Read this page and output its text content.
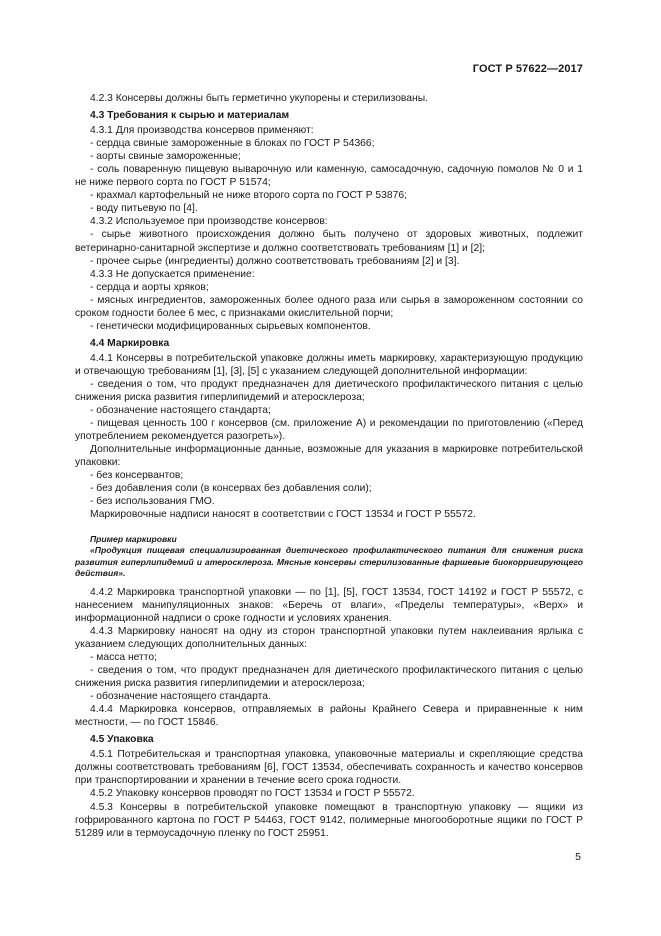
ГОСТ Р 57622—2017

4.2.3 Консервы должны быть герметично укупорены и стерилизованы.

4.3 Требования к сырью и материалам

4.3.1 Для производства консервов применяют:

- сердца свиные замороженные в блоках по ГОСТ Р 54366;

- аорты свиные замороженные;

- соль поваренную пищевую выварочную или каменную, самосадочную, садочную помолов № 0 и 1 не ниже первого сорта по ГОСТ Р 51574;

- крахмал картофельный не ниже второго сорта по ГОСТ Р 53876;

- воду питьевую по [4].

4.3.2 Используемое при производстве консервов:

- сырье животного происхождения должно быть получено от здоровых животных, подлежит ветеринарно-санитарной экспертизе и должно соответствовать требованиям [1] и [2];

- прочее сырье (ингредиенты) должно соответствовать требованиям [2] и [3].

4.3.3 Не допускается применение:

- сердца и аорты хряков;

- мясных ингредиентов, замороженных более одного раза или сырья в замороженном состоянии со сроком годности более 6 мес, с признаками окислительной порчи;

- генетически модифицированных сырьевых компонентов.

4.4 Маркировка

4.4.1 Консервы в потребительской упаковке должны иметь маркировку, характеризующую продукцию и отвечающую требованиям [1], [3], [5] с указанием следующей дополнительной информации:

- сведения о том, что продукт предназначен для диетического профилактического питания с целью снижения риска развития гиперлипидемий и атеросклероза;

- обозначение настоящего стандарта;

- пищевая ценность 100 г консервов (см. приложение А) и рекомендации по приготовлению («Перед употреблением рекомендуется разогреть»).

Дополнительные информационные данные, возможные для указания в маркировке потребительской упаковки:

- без консервантов;

- без добавления соли (в консервах без добавления соли);

- без использования ГМО.

Маркировочные надписи наносят в соответствии с ГОСТ 13534 и ГОСТ Р 55572.

Пример маркировки

«Продукция пищевая специализированная диетического профилактического питания для снижения риска развития гиперлипидемий и атеросклероза. Мясные консервы стерилизованные фаршевые биокорригирующего действия».

4.4.2 Маркировка транспортной упаковки — по [1], [5], ГОСТ 13534, ГОСТ 14192 и ГОСТ Р 55572, с нанесением манипуляционных знаков: «Беречь от влаги», «Пределы температуры», «Верх» и информационной надписи о сроке годности и условиях хранения.

4.4.3 Маркировку наносят на одну из сторон транспортной упаковки путем наклеивания ярлыка с указанием следующих дополнительных данных:

- масса нетто;

- сведения о том, что продукт предназначен для диетического профилактического питания с целью снижения риска развития гиперлипидемии и атеросклероза;

- обозначение настоящего стандарта.

4.4.4 Маркировка консервов, отправляемых в районы Крайнего Севера и приравненные к ним местности, — по ГОСТ 15846.

4.5 Упаковка

4.5.1 Потребительская и транспортная упаковка, упаковочные материалы и скрепляющие средства должны соответствовать требованиям [6], ГОСТ 13534, обеспечивать сохранность и качество консервов при транспортировании и хранении в течение всего срока годности.

4.5.2 Упаковку консервов проводят по ГОСТ 13534 и ГОСТ Р 55572.

4.5.3 Консервы в потребительской упаковке помещают в транспортную упаковку — ящики из гофрированного картона по ГОСТ Р 54463, ГОСТ 9142, полимерные многооборотные ящики по ГОСТ Р 51289 или в термоусадочную пленку по ГОСТ 25951.

5
